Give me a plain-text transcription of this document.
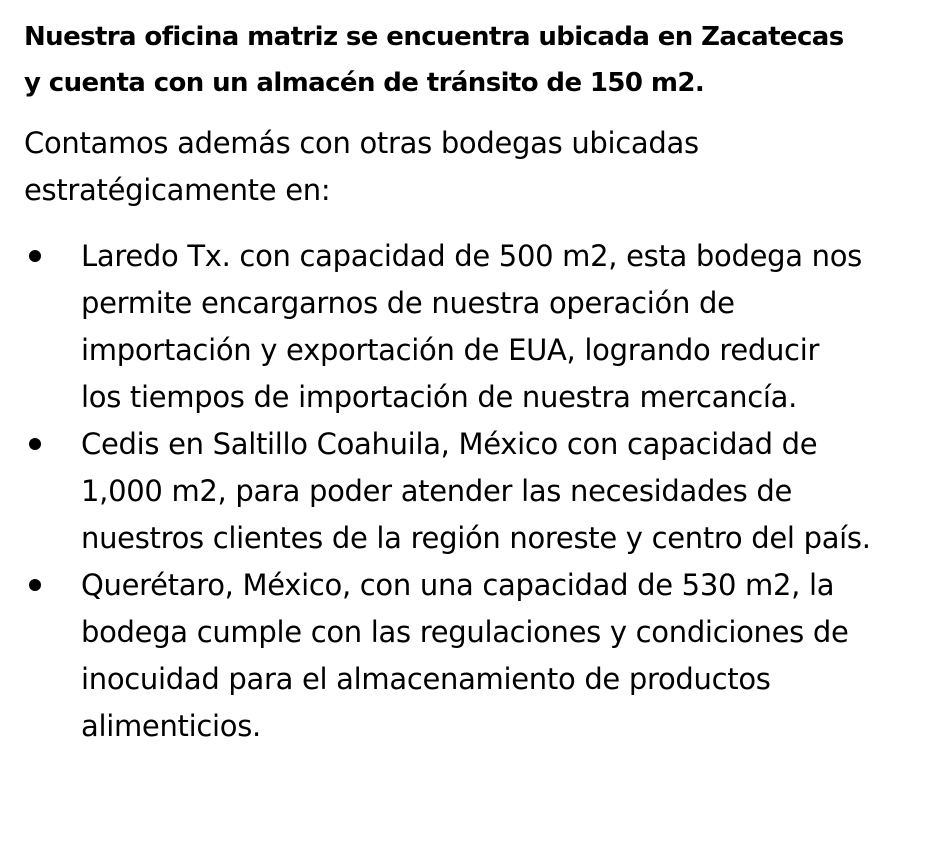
Nuestra oficina matriz se encuentra ubicada en Zacatecas
y cuenta con un almacén de tránsito de 150 m2.

Contamos además con otras bodegas ubicadas
estratégicamente en:

Laredo Tx. con capacidad de 500 m2, esta bodega nos
permite encargarnos de nuestra operación de
importación y exportación de EUA, logrando reducir
los tiempos de importación de nuestra mercancía.
Cedis en Saltillo Coahuila, México con capacidad de
1,000 m2, para poder atender las necesidades de
nuestros clientes de la región noreste y centro del país.
Querétaro, México, con una capacidad de 530 m2, la
bodega cumple con las regulaciones y condiciones de
inocuidad para el almacenamiento de productos
alimenticios.
